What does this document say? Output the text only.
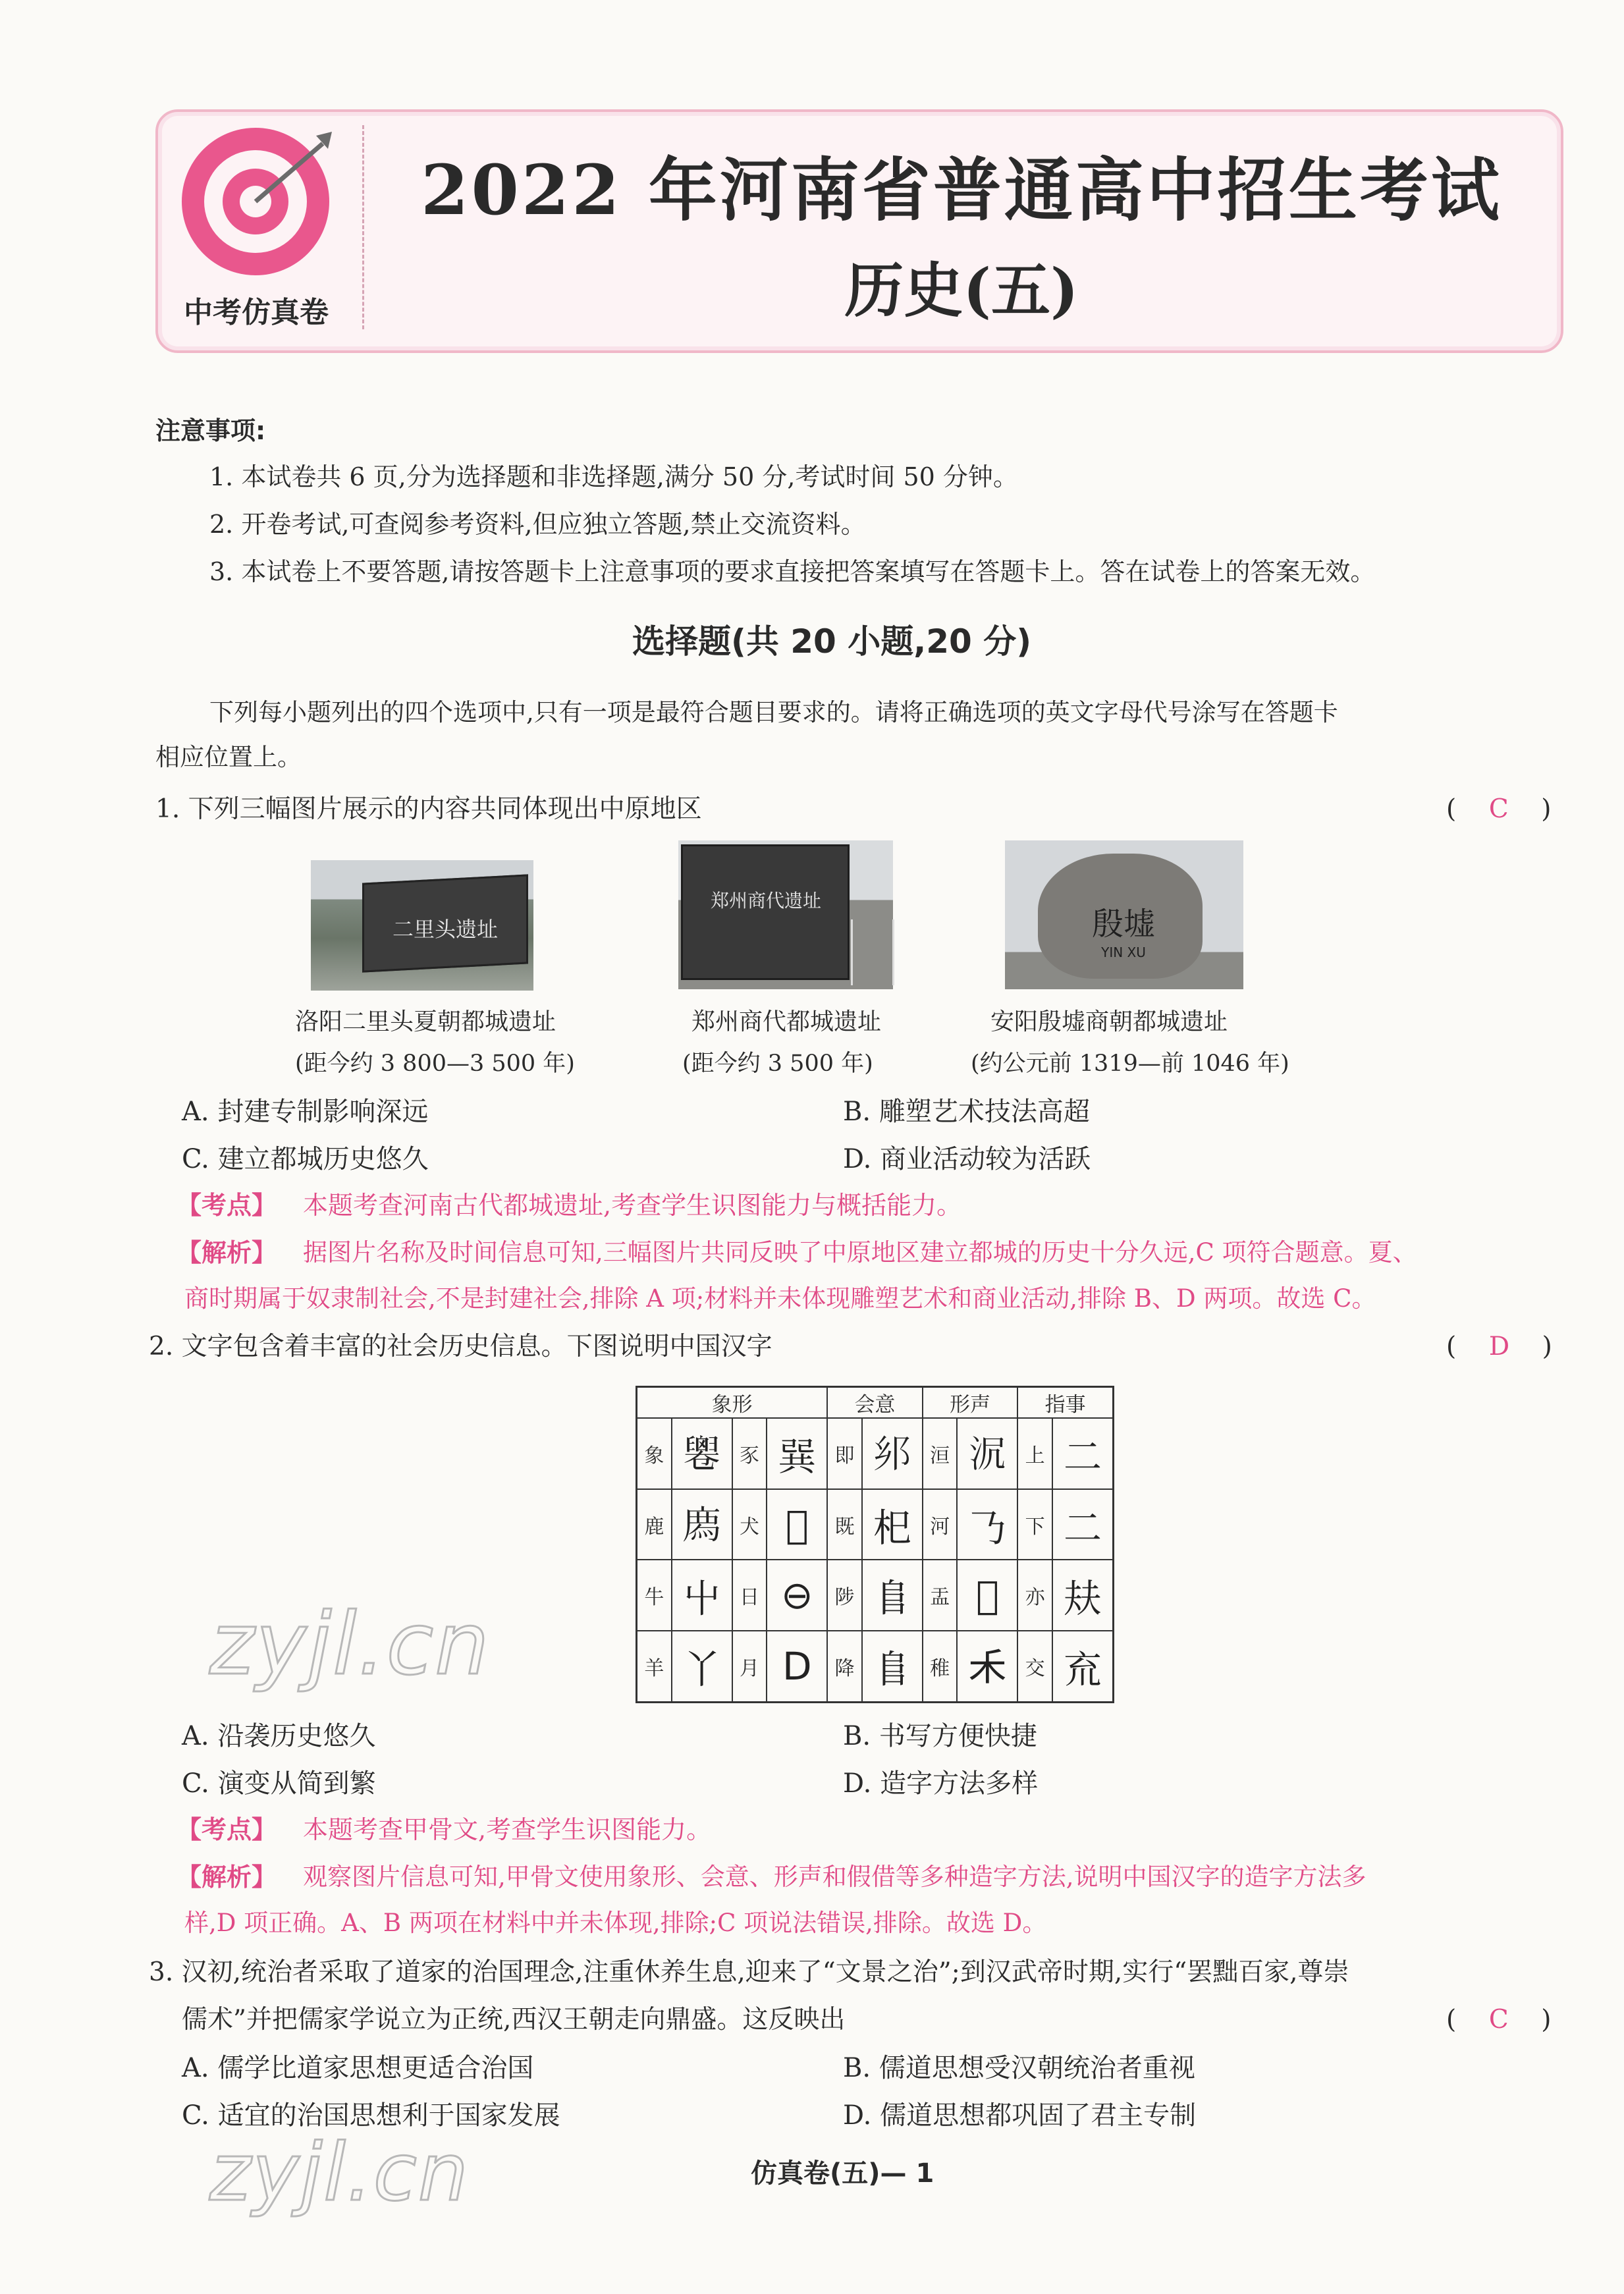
中考仿真卷
2022 年河南省普通高中招生考试
历史(五)
注意事项:
1. 本试卷共 6 页,分为选择题和非选择题,满分 50 分,考试时间 50 分钟。
2. 开卷考试,可查阅参考资料,但应独立答题,禁止交流资料。
3. 本试卷上不要答题,请按答题卡上注意事项的要求直接把答案填写在答题卡上。答在试卷上的答案无效。
选择题(共 20 小题,20 分)
下列每小题列出的四个选项中,只有一项是最符合题目要求的。请将正确选项的英文字母代号涂写在答题卡
相应位置上。
1. 下列三幅图片展示的内容共同体现出中原地区	(    C    )
二里头遗址
郑州商代遗址
殷墟
YIN XU
洛阳二里头夏朝都城遗址
(距今约 3 800—3 500 年)
郑州商代都城遗址
(距今约 3 500 年)
安阳殷墟商朝都城遗址
(约公元前 1319—前 1046 年)
A. 封建专制影响深远	B. 雕塑艺术技法高超
C. 建立都城历史悠久	D. 商业活动较为活跃
【考点】 本题考查河南古代都城遗址,考查学生识图能力与概括能力。
【解析】 据图片名称及时间信息可知,三幅图片共同反映了中原地区建立都城的历史十分久远,C 项符合题意。夏、
商时期属于奴隶制社会,不是封建社会,排除 A 项;材料并未体现雕塑艺术和商业活动,排除 B、D 两项。故选 C。
2. 文字包含着丰富的社会历史信息。下图说明中国汉字	(    D    )
象形				会意		形声		指事	
象	𠨧	豕	𢁉	即	𨙵	洹	𣲻	上	二
鹿	𢊁	犬	𢁋	既	𣏌	河	𠄎	下	二
牛	屮	日	⊖	陟	𨸏	盂	𥂅	亦	㚘
羊	丫	月	D	降	𨸏	稚	𥝌	交	㐬
zyjl.cn
A. 沿袭历史悠久	B. 书写方便快捷
C. 演变从简到繁	D. 造字方法多样
【考点】 本题考查甲骨文,考查学生识图能力。
【解析】 观察图片信息可知,甲骨文使用象形、会意、形声和假借等多种造字方法,说明中国汉字的造字方法多
样,D 项正确。A、B 两项在材料中并未体现,排除;C 项说法错误,排除。故选 D。
3. 汉初,统治者采取了道家的治国理念,注重休养生息,迎来了“文景之治”;到汉武帝时期,实行“罢黜百家,尊崇
儒术”并把儒家学说立为正统,西汉王朝走向鼎盛。这反映出	(    C    )
A. 儒学比道家思想更适合治国	B. 儒道思想受汉朝统治者重视
C. 适宜的治国思想利于国家发展	D. 儒道思想都巩固了君主专制
zyjl.cn	仿真卷(五)— 1
